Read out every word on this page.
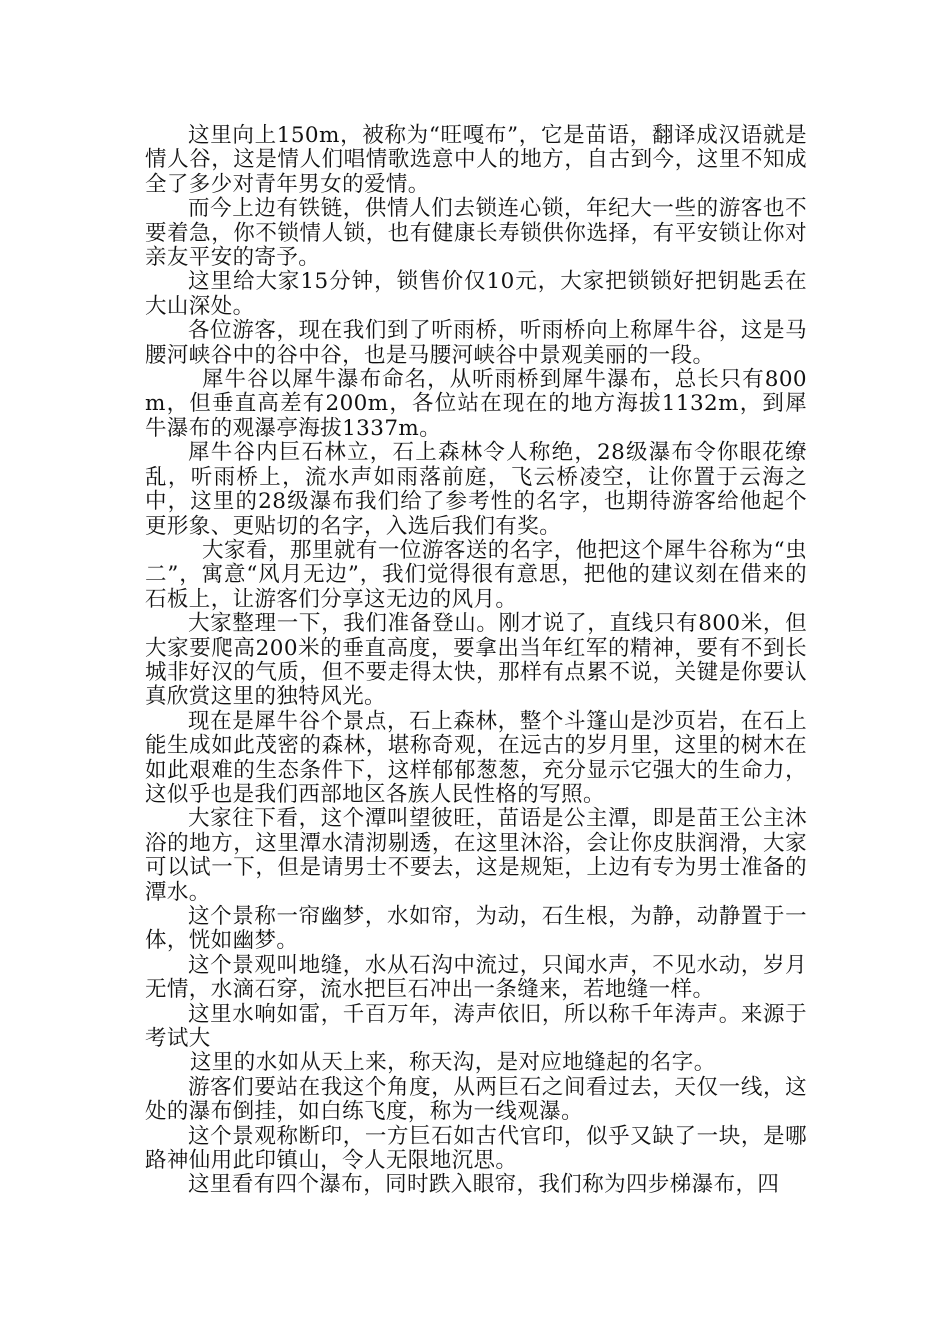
这里向上150m，被称为“旺嘎布”，它是苗语，翻译成汉语就是情人谷，这是情人们唱情歌选意中人的地方，自古到今，这里不知成全了多少对青年男女的爱情。

而今上边有铁链，供情人们去锁连心锁，年纪大一些的游客也不要着急，你不锁情人锁，也有健康长寿锁供你选择，有平安锁让你对亲友平安的寄予。

这里给大家15分钟，锁售价仅10元，大家把锁锁好把钥匙丢在大山深处。

各位游客，现在我们到了听雨桥，听雨桥向上称犀牛谷，这是马腰河峡谷中的谷中谷，也是马腰河峡谷中景观美丽的一段。

犀牛谷以犀牛瀑布命名，从听雨桥到犀牛瀑布，总长只有800m，但垂直高差有200m，各位站在现在的地方海拔1132m，到犀牛瀑布的观瀑亭海拔1337m。

犀牛谷内巨石林立，石上森林令人称绝，28级瀑布令你眼花缭乱，听雨桥上，流水声如雨落前庭，飞云桥凌空，让你置于云海之中，这里的28级瀑布我们给了参考性的名字，也期待游客给他起个更形象、更贴切的名字，入选后我们有奖。

大家看，那里就有一位游客送的名字，他把这个犀牛谷称为“虫二”，寓意“风月无边”，我们觉得很有意思，把他的建议刻在借来的石板上，让游客们分享这无边的风月。

大家整理一下，我们准备登山。刚才说了，直线只有800米，但大家要爬高200米的垂直高度，要拿出当年红军的精神，要有不到长城非好汉的气质，但不要走得太快，那样有点累不说，关键是你要认真欣赏这里的独特风光。

现在是犀牛谷个景点，石上森林，整个斗篷山是沙页岩，在石上能生成如此茂密的森林，堪称奇观，在远古的岁月里，这里的树木在如此艰难的生态条件下，这样郁郁葱葱，充分显示它强大的生命力，这似乎也是我们西部地区各族人民性格的写照。

大家往下看，这个潭叫望彼旺，苗语是公主潭，即是苗王公主沐浴的地方，这里潭水清沏剔透，在这里沐浴，会让你皮肤润滑，大家可以试一下，但是请男士不要去，这是规矩，上边有专为男士准备的潭水。

这个景称一帘幽梦，水如帘，为动，石生根，为静，动静置于一体，恍如幽梦。

这个景观叫地缝，水从石沟中流过，只闻水声，不见水动，岁月无情，水滴石穿，流水把巨石冲出一条缝来，若地缝一样。

这里水响如雷，千百万年，涛声依旧，所以称千年涛声。来源于考试大

这里的水如从天上来，称天沟，是对应地缝起的名字。

游客们要站在我这个角度，从两巨石之间看过去，天仅一线，这处的瀑布倒挂，如白练飞度，称为一线观瀑。

这个景观称断印，一方巨石如古代官印，似乎又缺了一块，是哪路神仙用此印镇山，令人无限地沉思。

这里看有四个瀑布，同时跌入眼帘，我们称为四步梯瀑布，四
